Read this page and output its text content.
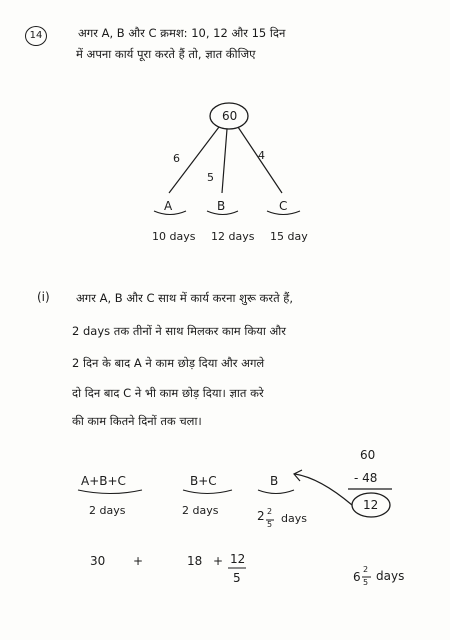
14	अगर A, B और C क्रमश: 10, 12 और 15 दिन
में अपना कार्य पूरा करते हैं तो, ज्ञात कीजिए
60
6
5
4
A	B	C
10 days 12 days 15 day
(i) अगर A, B और C साथ में कार्य करना शुरू करते हैं,
2 days तक तीनों ने साथ मिलकर काम किया और
2 दिन के बाद A ने काम छोड़ दिया और अगले
दो दिन बाद C ने भी काम छोड़ दिया। ज्ञात करे
की काम कितने दिनों तक चला।
A+B+C
2 days
B+C
2 days
B
2 2
5 days
60
- 48
12
30 +	18 + 12
5	6
2
5 days
